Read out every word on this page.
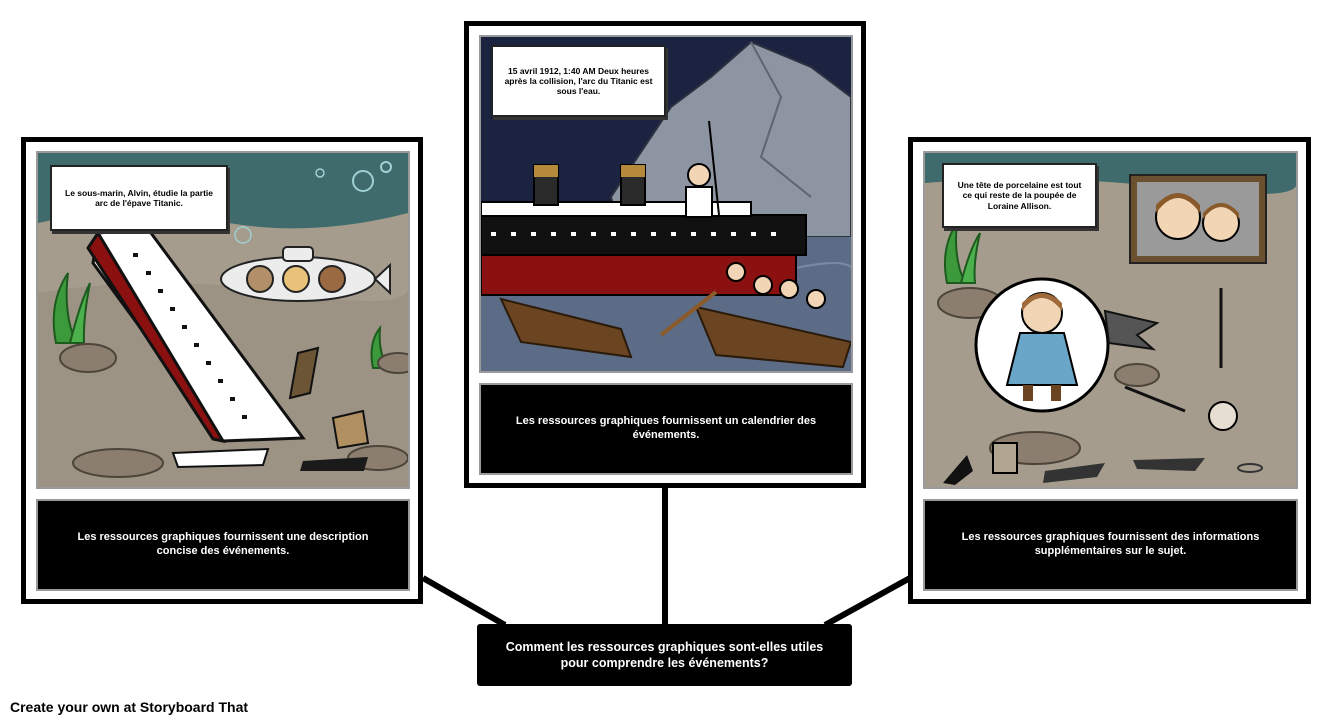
Le sous-marin, Alvin, étudie la partie arc de l'épave Titanic.
Les ressources graphiques fournissent une description concise des événements.
15 avril 1912, 1:40 AM Deux heures après la collision, l'arc du Titanic est sous l'eau.
Les ressources graphiques fournissent un calendrier des événements.
Une tête de porcelaine est tout ce qui reste de la poupée de Loraine Allison.
Les ressources graphiques fournissent des informations supplémentaires sur le sujet.
Comment les ressources graphiques sont-elles utiles pour comprendre les événements?
Create your own at Storyboard That
